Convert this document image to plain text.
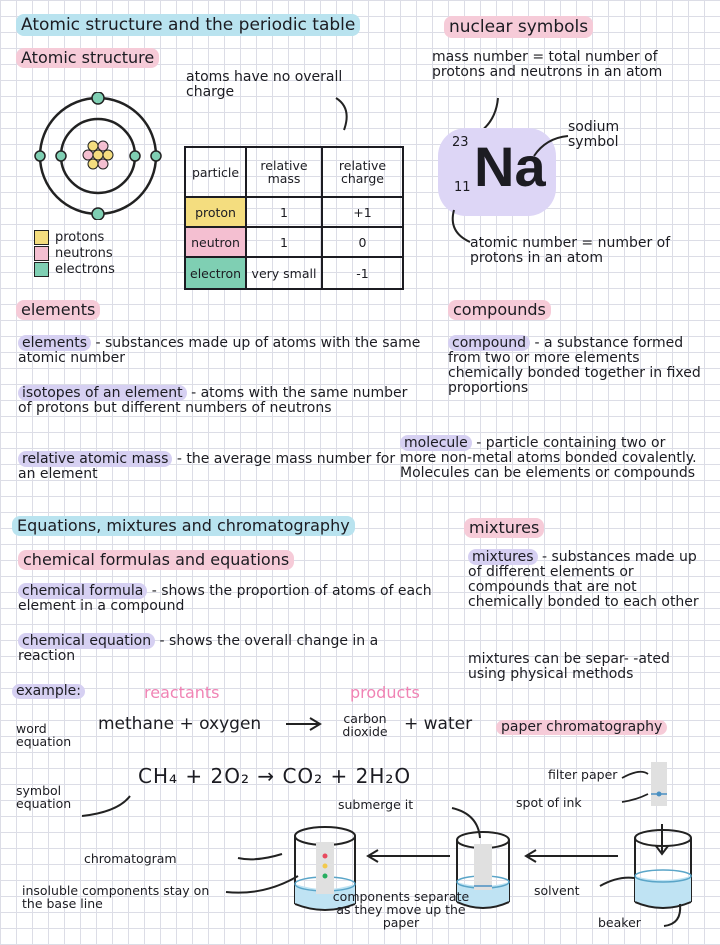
Atomic structure and the periodic table	nuclear symbols
Atomic structure
atoms have no overall charge
protons
neutrons
electrons
particle	relative mass	relative charge
proton	1	+1
neutron	1	0
electron	very small	-1
mass number = total number of protons and neutrons in an atom
23 Na
11
sodium symbol
atomic number = number of protons in an atom
elements
elements - substances made up of atoms with the same atomic number
isotopes of an element - atoms with the same number of protons but different numbers of neutrons
relative atomic mass - the average mass number for an element
compounds
compound - a substance formed from two or more elements chemically bonded together in fixed proportions
molecule - particle containing two or more non-metal atoms bonded covalently. Molecules can be elements or compounds
Equations, mixtures and chromatography
chemical formulas and equations
chemical formula - shows the proportion of atoms of each element in a compound
chemical equation - shows the overall change in a reaction
example:	reactants	products
word equation
methane + oxygen	carbon dioxide + water
CH₄ + 2O₂ → CO₂ + 2H₂O
symbol equation
mixtures
mixtures - substances made up of different elements or compounds that are not chemically bonded to each other
mixtures can be separ- -ated using physical methods
paper chromatography
filter paper
spot of ink
submerge it
chromatogram
insoluble components stay on the base line	components separate as they move up the paper
solvent
beaker
